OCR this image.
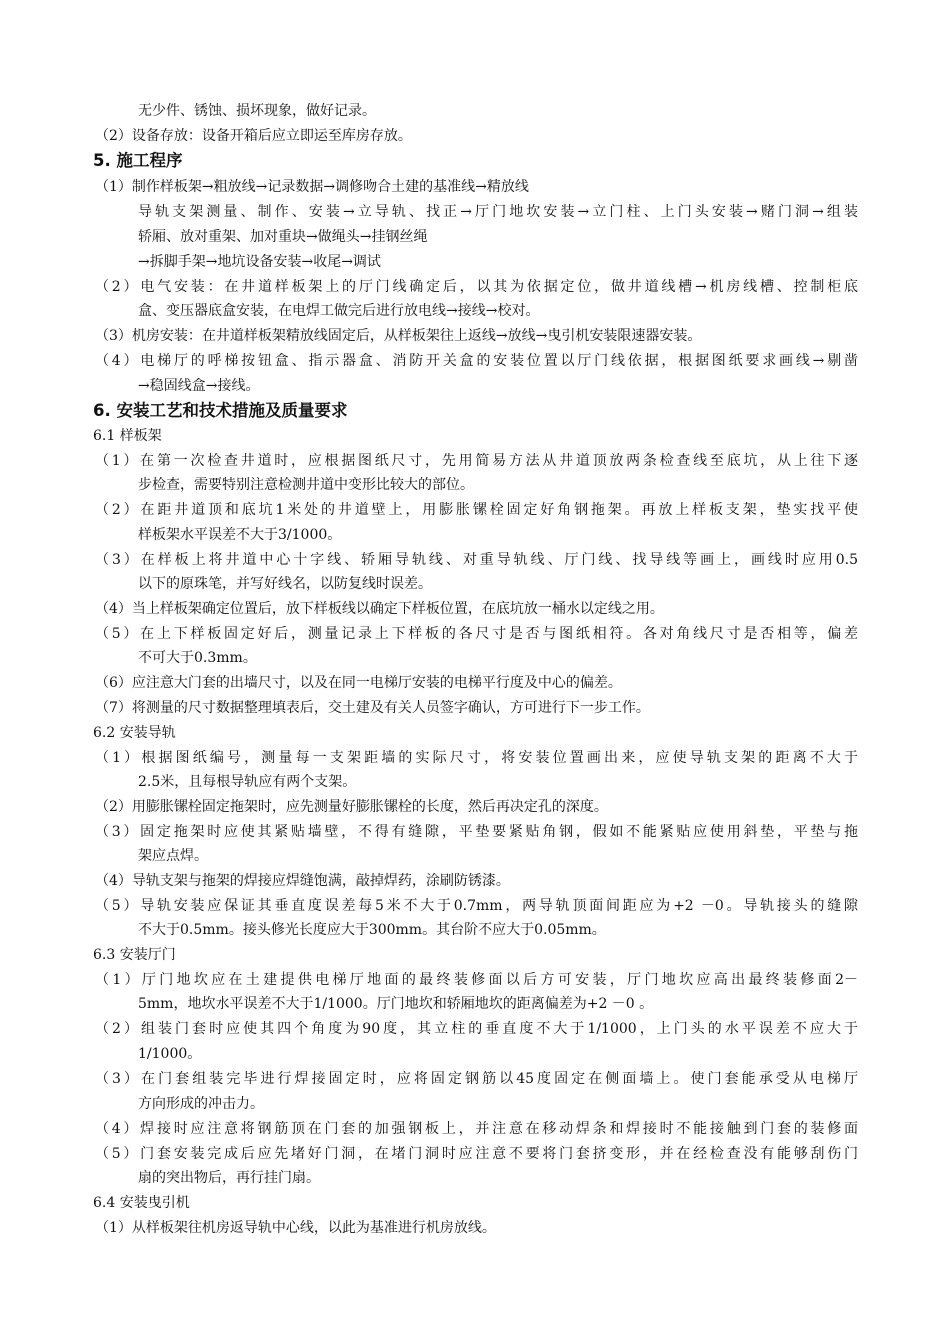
无少件、锈蚀、损坏现象，做好记录。
（2）设备存放：设备开箱后应立即运至库房存放。
5. 施工程序
（1）制作样板架→粗放线→记录数据→调修吻合土建的基准线→精放线
导轨支架测量、制作、安装→立导轨、找正→厅门地坎安装→立门柱、上门头安装→赌门洞→组装
轿厢、放对重架、加对重块→做绳头→挂钢丝绳
→拆脚手架→地坑设备安装→收尾→调试
（2）电气安装：在井道样板架上的厅门线确定后，以其为依据定位，做井道线槽→机房线槽、控制柜底
盒、变压器底盒安装，在电焊工做完后进行放电线→接线→校对。
（3）机房安装：在井道样板架精放线固定后，从样板架往上返线→放线→曳引机安装限速器安装。
（4）电梯厅的呼梯按钮盒、指示器盒、消防开关盒的安装位置以厅门线依据，根据图纸要求画线→剔凿
→稳固线盒→接线。
6. 安装工艺和技术措施及质量要求
6.1 样板架
（1）在第一次检查井道时，应根据图纸尺寸，先用简易方法从井道顶放两条检查线至底坑，从上往下逐
步检查，需要特别注意检测井道中变形比较大的部位。
（2）在距井道顶和底坑1米处的井道壁上，用膨胀镙栓固定好角钢拖架。再放上样板支架，垫实找平使
样板架水平误差不大于3/1000。
（3）在样板上将井道中心十字线、轿厢导轨线、对重导轨线、厅门线、找导线等画上，画线时应用0.5
以下的原珠笔，并写好线名，以防复线时误差。
（4）当上样板架确定位置后，放下样板线以确定下样板位置，在底坑放一桶水以定线之用。
（5）在上下样板固定好后，测量记录上下样板的各尺寸是否与图纸相符。各对角线尺寸是否相等，偏差
不可大于0.3mm。
（6）应注意大门套的出墙尺寸，以及在同一电梯厅安装的电梯平行度及中心的偏差。
（7）将测量的尺寸数据整理填表后，交土建及有关人员签字确认，方可进行下一步工作。
6.2 安装导轨
（1）根据图纸编号，测量每一支架距墙的实际尺寸，将安装位置画出来，应使导轨支架的距离不大于
2.5米，且每根导轨应有两个支架。
（2）用膨胀镙栓固定拖架时，应先测量好膨胀镙栓的长度，然后再决定孔的深度。
（3）固定拖架时应使其紧贴墙壁，不得有缝隙，平垫要紧贴角钢，假如不能紧贴应使用斜垫，平垫与拖
架应点焊。
（4）导轨支架与拖架的焊接应焊缝饱满，敲掉焊药，涂刷防锈漆。
（5）导轨安装应保证其垂直度误差每5米不大于0.7mm，两导轨顶面间距应为+2 －0。导轨接头的缝隙
不大于0.5mm。接头修光长度应大于300mm。其台阶不应大于0.05mm。
6.3 安装厅门
（1）厅门地坎应在土建提供电梯厅地面的最终装修面以后方可安装，厅门地坎应高出最终装修面2－
5mm，地坎水平误差不大于1/1000。厅门地坎和轿厢地坎的距离偏差为+2 －0 。
（2）组装门套时应使其四个角度为90度，其立柱的垂直度不大于1/1000，上门头的水平误差不应大于
1/1000。
（3）在门套组装完毕进行焊接固定时，应将固定钢筋以45度固定在侧面墙上。使门套能承受从电梯厅
方向形成的冲击力。
（4）焊接时应注意将钢筋顶在门套的加强钢板上，并注意在移动焊条和焊接时不能接触到门套的装修面
（5）门套安装完成后应先堵好门洞，在堵门洞时应注意不要将门套挤变形，并在经检查没有能够刮伤门
扇的突出物后，再行挂门扇。
6.4 安装曳引机
（1）从样板架往机房返导轨中心线，以此为基准进行机房放线。
